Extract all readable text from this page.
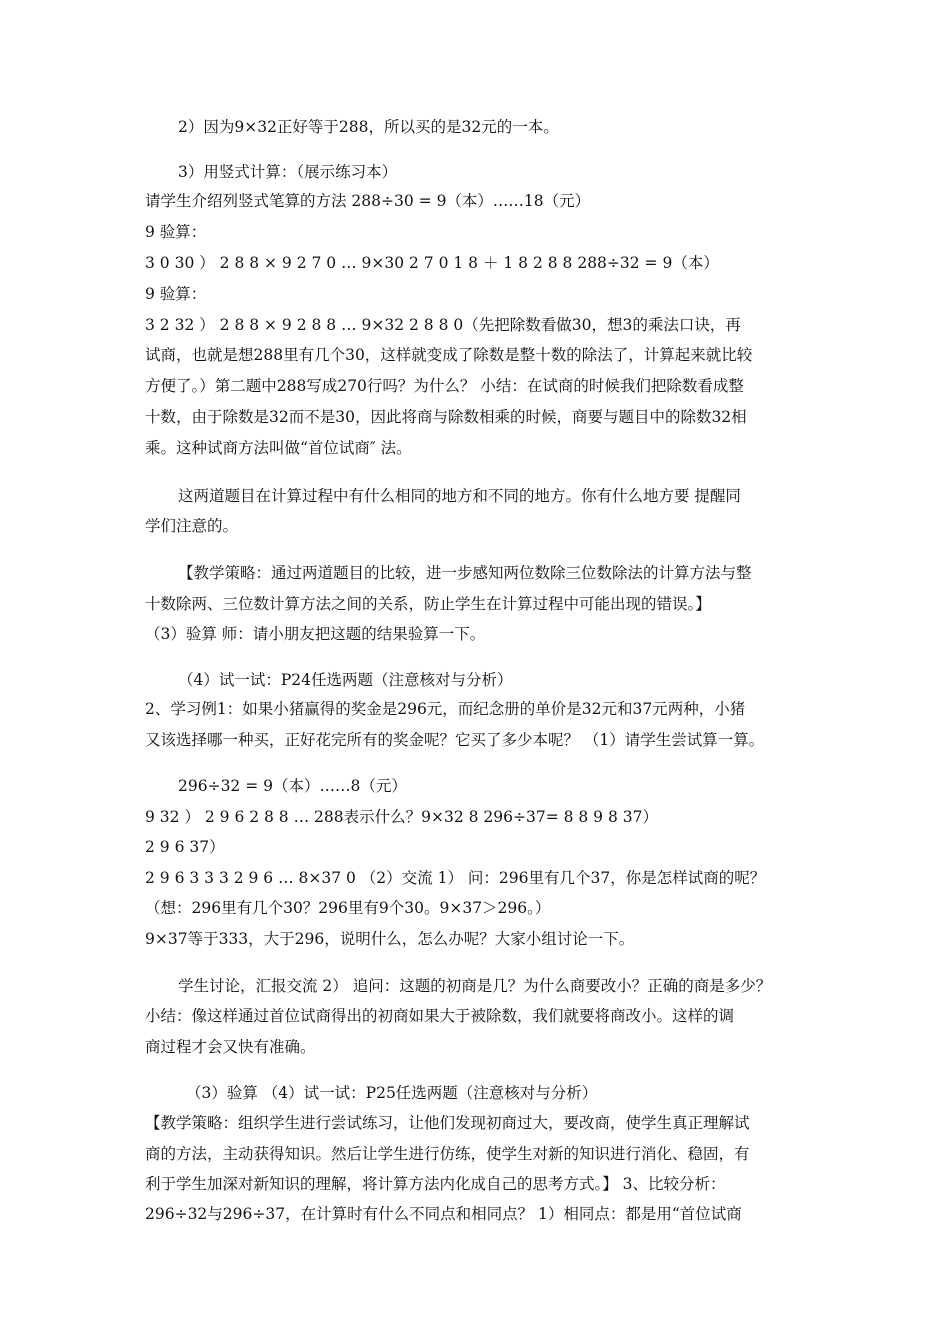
2）因为9×32正好等于288，所以买的是32元的一本。
3）用竖式计算：（展示练习本）
请学生介绍列竖式笔算的方法 288÷30 = 9（本）……18（元）
9 验算：
3 0 30 ） 2 8 8 × 9 2 7 0 … 9×30 2 7 0 1 8 ＋ 1 8 2 8 8 288÷32 = 9（本）
9 验算：
3 2 32 ） 2 8 8 × 9 2 8 8 … 9×32 2 8 8 0（先把除数看做30，想3的乘法口诀，再
试商，也就是想288里有几个30，这样就变成了除数是整十数的除法了，计算起来就比较
方便了。）第二题中288写成270行吗？为什么？ 小结：在试商的时候我们把除数看成整
十数，由于除数是32而不是30，因此将商与除数相乘的时候，商要与题目中的除数32相
乘。这种试商方法叫做“首位试商″ 法。
这两道题目在计算过程中有什么相同的地方和不同的地方。你有什么地方要 提醒同
学们注意的。
【教学策略：通过两道题目的比较，进一步感知两位数除三位数除法的计算方法与整
十数除两、三位数计算方法之间的关系，防止学生在计算过程中可能出现的错误。】
（3）验算 师：请小朋友把这题的结果验算一下。
（4）试一试：P24任选两题（注意核对与分析）
2、学习例1：如果小猪赢得的奖金是296元，而纪念册的单价是32元和37元两种，小猪
又该选择哪一种买，正好花完所有的奖金呢？它买了多少本呢？ （1）请学生尝试算一算。
296÷32 = 9（本）……8（元）
9 32 ） 2 9 6 2 8 8 … 288表示什么？9×32 8 296÷37= 8 8 9 8 37）
2 9 6 37）
2 9 6 3 3 3 2 9 6 … 8×37 0 （2）交流 1） 问：296里有几个37，你是怎样试商的呢？
（想：296里有几个30？296里有9个30。9×37＞296。）
9×37等于333，大于296，说明什么，怎么办呢？大家小组讨论一下。
学生讨论，汇报交流 2） 追问：这题的初商是几？为什么商要改小？正确的商是多少？
小结：像这样通过首位试商得出的初商如果大于被除数，我们就要将商改小。这样的调
商过程才会又快有准确。
（3）验算 （4）试一试：P25任选两题（注意核对与分析）
【教学策略：组织学生进行尝试练习，让他们发现初商过大，要改商，使学生真正理解试
商的方法，主动获得知识。然后让学生进行仿练，使学生对新的知识进行消化、稳固，有
利于学生加深对新知识的理解，将计算方法内化成自己的思考方式。】 3、比较分析：
296÷32与296÷37，在计算时有什么不同点和相同点？ 1）相同点：都是用“首位试商
